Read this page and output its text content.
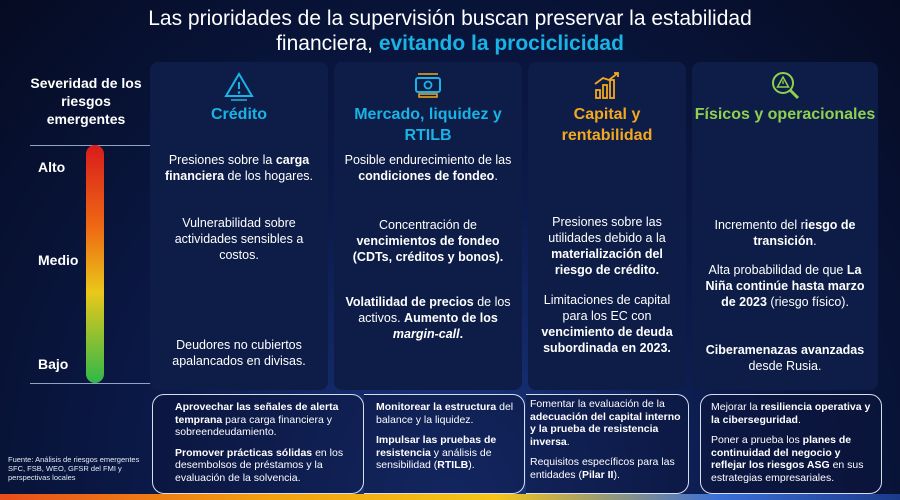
Las prioridades de la supervisión buscan preservar la estabilidad
financiera, evitando la prociclicidad
Severidad de los riesgos emergentes
Alto
Medio
Bajo
Crédito
Presiones sobre la carga financiera de los hogares.
Vulnerabilidad sobre actividades sensibles a costos.
Deudores no cubiertos apalancados en divisas.
Mercado, liquidez y RTILB
Posible endurecimiento de las condiciones de fondeo.
Concentración de vencimientos de fondeo (CDTs, créditos y bonos).
Volatilidad de precios de los activos. Aumento de los margin-call.
Capital y rentabilidad
Presiones sobre las utilidades debido a la materialización del riesgo de crédito.
Limitaciones de capital para los EC con vencimiento de deuda subordinada en 2023.
Físicos y operacionales
Incremento del riesgo de transición.
Alta probabilidad de que La Niña continúe hasta marzo de 2023 (riesgo físico).
Ciberamenazas avanzadas desde Rusia.

Aprovechar las señales de alerta temprana para carga financiera y sobreendeudamiento.

Promover prácticas sólidas en los desembolsos de préstamos y la evaluación de la solvencia.

Monitorear la estructura del balance y la liquidez.

Impulsar las pruebas de resistencia y análisis de sensibilidad (RTILB).

Fomentar la evaluación de la adecuación del capital interno y la prueba de resistencia inversa.

Requisitos específicos para las entidades (Pilar II).

Mejorar la resiliencia operativa y la ciberseguridad.

Poner a prueba los planes de continuidad del negocio y reflejar los riesgos ASG en sus estrategias empresariales.

Fuente: Análisis de riesgos emergentes SFC, FSB, WEO, GFSR del FMI y perspectivas locales
